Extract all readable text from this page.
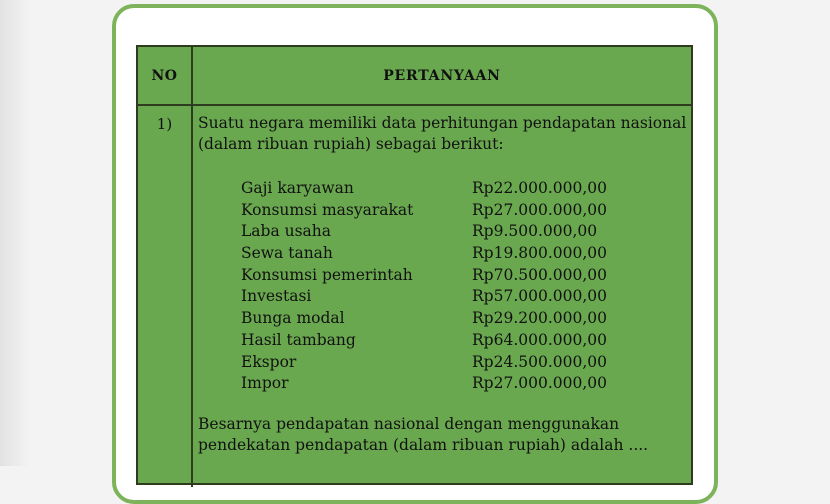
NO	PERTANYAAN
1)	Suatu negara memiliki data perhitungan pendapatan nasional (dalam ribuan rupiah) sebagai berikut:
Gaji karyawan	Rp22.000.000,00
Konsumsi masyarakat	Rp27.000.000,00
Laba usaha	Rp9.500.000,00
Sewa tanah	Rp19.800.000,00
Konsumsi pemerintah	Rp70.500.000,00
Investasi	Rp57.000.000,00
Bunga modal	Rp29.200.000,00
Hasil tambang	Rp64.000.000,00
Ekspor	Rp24.500.000,00
Impor	Rp27.000.000,00
Besarnya pendapatan nasional dengan menggunakan pendekatan pendapatan (dalam ribuan rupiah) adalah ....
